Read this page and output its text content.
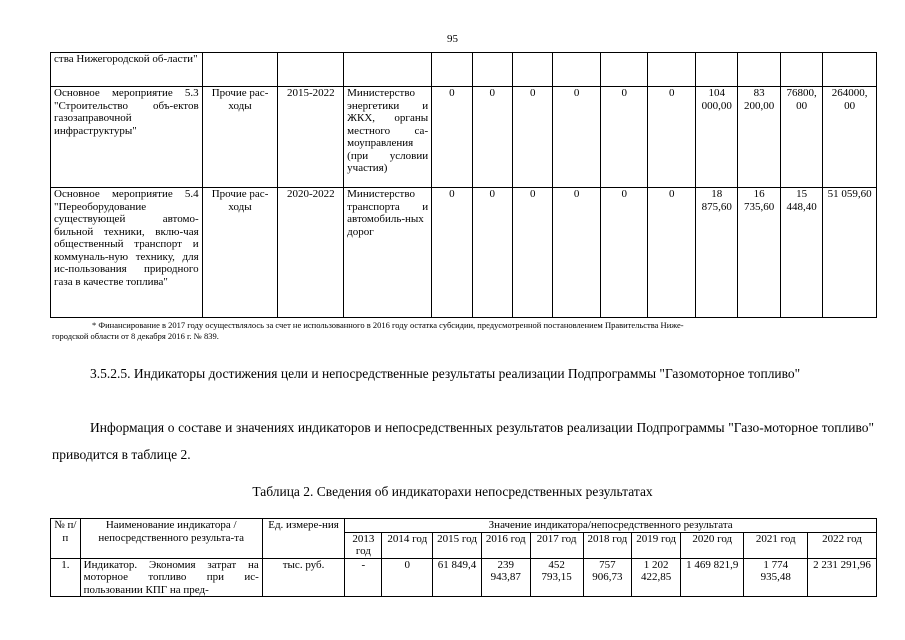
95
ства Нижегородской об-ласти"													
Основное мероприятие 5.3 "Строительство объ-ектов газозаправочной инфраструктуры"	Прочие рас-ходы	2015-2022	Министерство энергетики и ЖКХ, органы местного са-моуправления (при условии участия)	0	0	0	0	0	0	104 000,00	83 200,00	76800, 00	264000, 00
Основное мероприятие 5.4 "Переоборудование существующей автомо-бильной техники, вклю-чая общественный транспорт и коммуналь-ную технику, для ис-пользования природного газа в качестве топлива"	Прочие рас-ходы	2020-2022	Министерство транспорта и автомобиль-ных дорог	0	0	0	0	0	0	18 875,60	16 735,60	15 448,40	51 059,60
* Финансирование в 2017 году осуществлялось за счет не использованного в 2016 году остатка субсидии, предусмотренной постановлением Правительства Ниже-
городской области от 8 декабря 2016 г. № 839.
3.5.2.5. Индикаторы достижения цели и непосредственные результаты реализации Подпрограммы "Газомоторное топливо"
Информация о составе и значениях индикаторов и непосредственных результатов реализации Подпрограммы "Газо-моторное топливо" приводится в таблице 2.
Таблица 2. Сведения об индикаторахи непосредственных результатах
№ п/п	Наименование индикатора / непосредственного результа-та	Ед. измере-ния	Значение индикатора/непосредственного результата									
			2013 год	2014 год	2015 год	2016 год	2017 год	2018 год	2019 год	2020 год	2021 год	2022 год
1.	Индикатор. Экономия затрат на моторное топливо при ис-пользовании КПГ на пред-	тыс. руб.	-	0	61 849,4	239 943,87	452 793,15	757 906,73	1 202 422,85	1 469 821,9	1 774 935,48	2 231 291,96
